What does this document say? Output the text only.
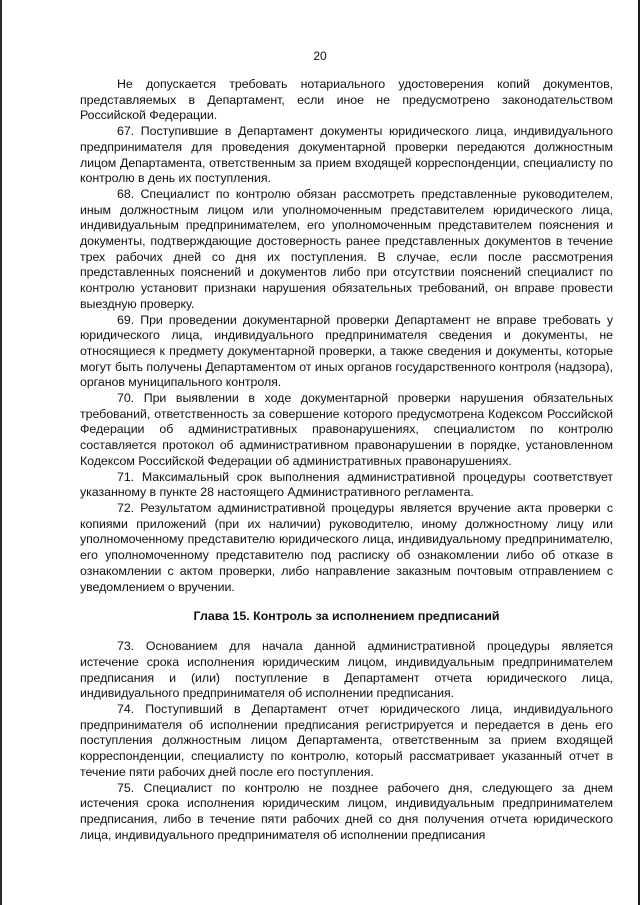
20

Не допускается требовать нотариального удостоверения копий документов, представляемых в Департамент, если иное не предусмотрено законодательством Российской Федерации.

67. Поступившие в Департамент документы юридического лица, индивидуального предпринимателя для проведения документарной проверки передаются должностным лицом Департамента, ответственным за прием входящей корреспонденции, специалисту по контролю в день их поступления.

68. Специалист по контролю обязан рассмотреть представленные руководителем, иным должностным лицом или уполномоченным представителем юридического лица, индивидуальным предпринимателем, его уполномоченным представителем пояснения и документы, подтверждающие достоверность ранее представленных документов в течение трех рабочих дней со дня их поступления. В случае, если после рассмотрения представленных пояснений и документов либо при отсутствии пояснений специалист по контролю установит признаки нарушения обязательных требований, он вправе провести выездную проверку.

69. При проведении документарной проверки Департамент не вправе требовать у юридического лица, индивидуального предпринимателя сведения и документы, не относящиеся к предмету документарной проверки, а также сведения и документы, которые могут быть получены Департаментом от иных органов государственного контроля (надзора), органов муниципального контроля.

70. При выявлении в ходе документарной проверки нарушения обязательных требований, ответственность за совершение которого предусмотрена Кодексом Российской Федерации об административных правонарушениях, специалистом по контролю составляется протокол об административном правонарушении в порядке, установленном Кодексом Российской Федерации об административных правонарушениях.

71. Максимальный срок выполнения административной процедуры соответствует указанному в пункте 28 настоящего Административного регламента.

72. Результатом административной процедуры является вручение акта проверки с копиями приложений (при их наличии) руководителю, иному должностному лицу или уполномоченному представителю юридического лица, индивидуальному предпринимателю, его уполномоченному представителю под расписку об ознакомлении либо об отказе в ознакомлении с актом проверки, либо направление заказным почтовым отправлением с уведомлением о вручении.

Глава 15. Контроль за исполнением предписаний

73. Основанием для начала данной административной процедуры является истечение срока исполнения юридическим лицом, индивидуальным предпринимателем предписания и (или) поступление в Департамент отчета юридического лица, индивидуального предпринимателя об исполнении предписания.

74. Поступивший в Департамент отчет юридического лица, индивидуального предпринимателя об исполнении предписания регистрируется и передается в день его поступления должностным лицом Департамента, ответственным за прием входящей корреспонденции, специалисту по контролю, который рассматривает указанный отчет в течение пяти рабочих дней после его поступления.

75. Специалист по контролю не позднее рабочего дня, следующего за днем истечения срока исполнения юридическим лицом, индивидуальным предпринимателем предписания, либо в течение пяти рабочих дней со дня получения отчета юридического лица, индивидуального предпринимателя об исполнении предписания
